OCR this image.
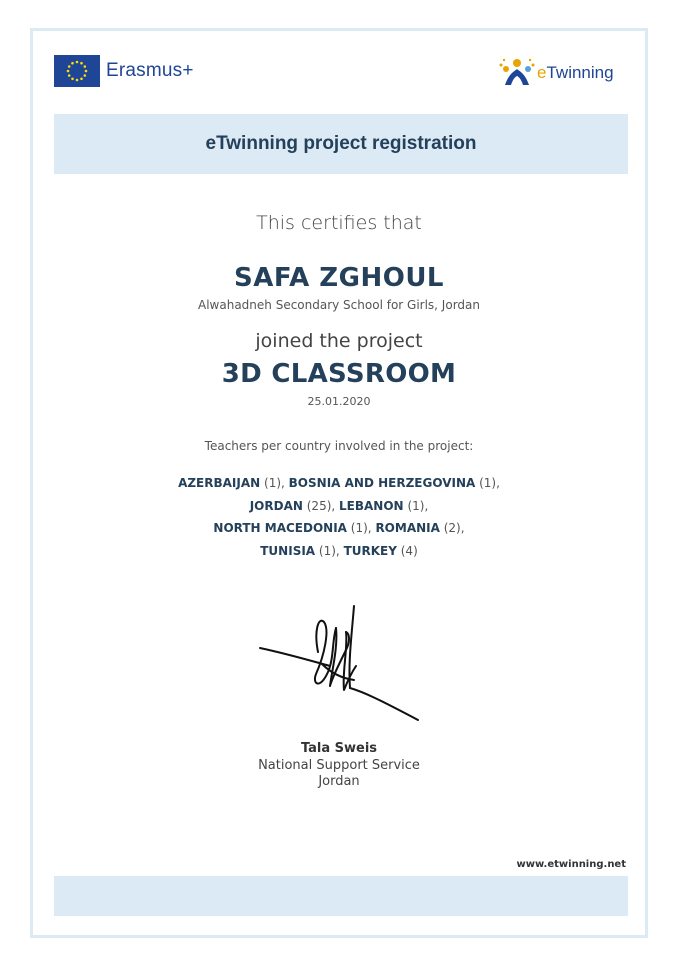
Erasmus+	eTwinning
eTwinning project registration
This certifies that
SAFA ZGHOUL
Alwahadneh Secondary School for Girls, Jordan
joined the project
3D CLASSROOM
25.01.2020
Teachers per country involved in the project:
AZERBAIJAN (1), BOSNIA AND HERZEGOVINA (1),
JORDAN (25), LEBANON (1),
NORTH MACEDONIA (1), ROMANIA (2),
TUNISIA (1), TURKEY (4)
Tala Sweis
National Support Service
Jordan
www.etwinning.net
